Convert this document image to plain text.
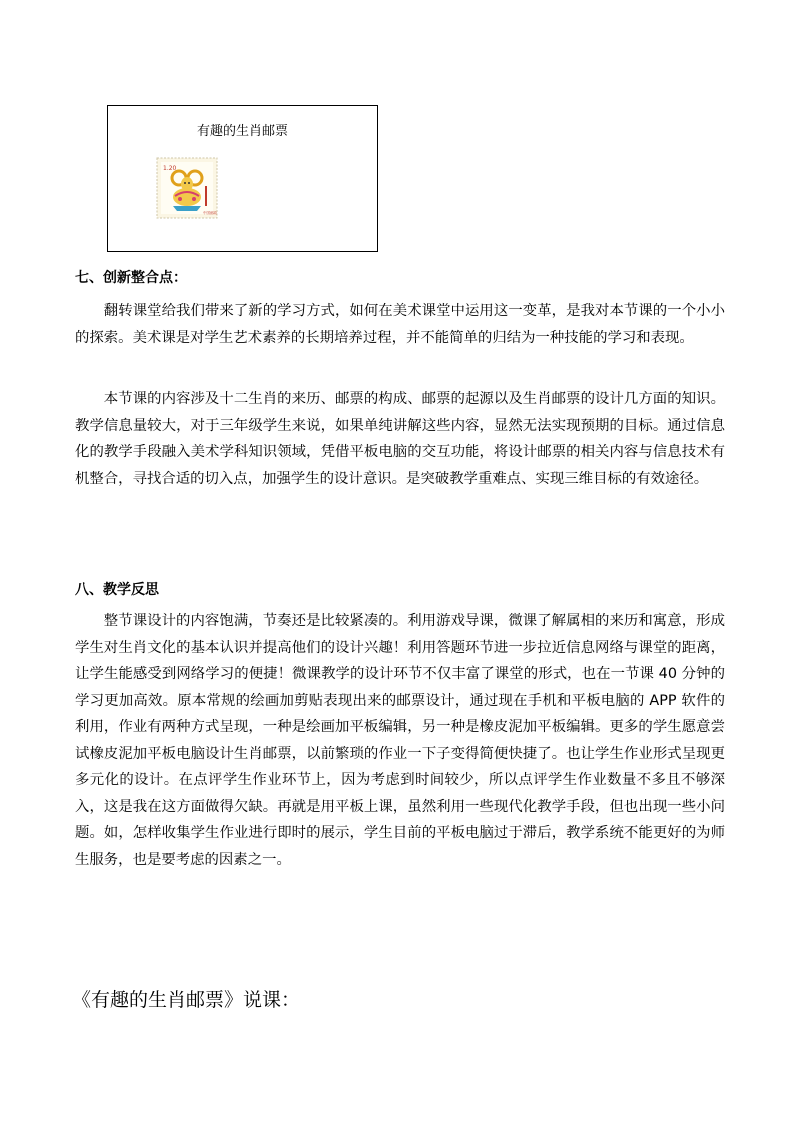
有趣的生肖邮票
1.20
中国邮政
七、创新整合点：

翻转课堂给我们带来了新的学习方式，如何在美术课堂中运用这一变革，是我对本节课的一个小小的探索。美术课是对学生艺术素养的长期培养过程，并不能简单的归结为一种技能的学习和表现。

本节课的内容涉及十二生肖的来历、邮票的构成、邮票的起源以及生肖邮票的设计几方面的知识。教学信息量较大，对于三年级学生来说，如果单纯讲解这些内容，显然无法实现预期的目标。通过信息化的教学手段融入美术学科知识领域，凭借平板电脑的交互功能，将设计邮票的相关内容与信息技术有机整合，寻找合适的切入点，加强学生的设计意识。是突破教学重难点、实现三维目标的有效途径。

八、教学反思

整节课设计的内容饱满，节奏还是比较紧凑的。利用游戏导课，微课了解属相的来历和寓意，形成学生对生肖文化的基本认识并提高他们的设计兴趣！利用答题环节进一步拉近信息网络与课堂的距离，让学生能感受到网络学习的便捷！微课教学的设计环节不仅丰富了课堂的形式，也在一节课 40 分钟的学习更加高效。原本常规的绘画加剪贴表现出来的邮票设计，通过现在手机和平板电脑的 APP 软件的利用，作业有两种方式呈现，一种是绘画加平板编辑，另一种是橡皮泥加平板编辑。更多的学生愿意尝试橡皮泥加平板电脑设计生肖邮票，以前繁琐的作业一下子变得简便快捷了。也让学生作业形式呈现更多元化的设计。在点评学生作业环节上，因为考虑到时间较少，所以点评学生作业数量不多且不够深入，这是我在这方面做得欠缺。再就是用平板上课，虽然利用一些现代化教学手段，但也出现一些小问题。如，怎样收集学生作业进行即时的展示，学生目前的平板电脑过于滞后，教学系统不能更好的为师生服务，也是要考虑的因素之一。

《有趣的生肖邮票》说课：
